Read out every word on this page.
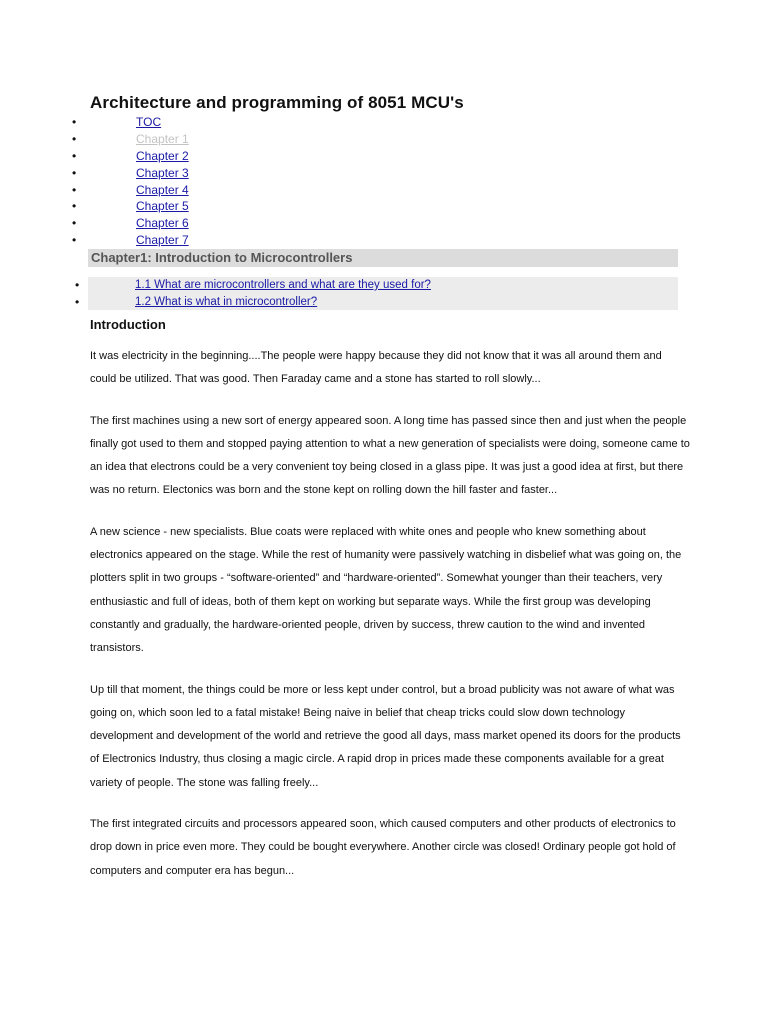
Architecture and programming of 8051 MCU's
•	TOC
•	Chapter 1
•	Chapter 2
•	Chapter 3
•	Chapter 4
•	Chapter 5
•	Chapter 6
•	Chapter 7
Chapter1: Introduction to Microcontrollers
•	1.1 What are microcontrollers and what are they used for?
•	1.2 What is what in microcontroller?
Introduction

It was electricity in the beginning....The people were happy because they did not know that it was all around them and could be utilized. That was good. Then Faraday came and a stone has started to roll slowly...

The first machines using a new sort of energy appeared soon. A long time has passed since then and just when the people finally got used to them and stopped paying attention to what a new generation of specialists were doing, someone came to an idea that electrons could be a very convenient toy being closed in a glass pipe. It was just a good idea at first, but there was no return. Electonics was born and the stone kept on rolling down the hill faster and faster...

A new science - new specialists. Blue coats were replaced with white ones and people who knew something about electronics appeared on the stage. While the rest of humanity were passively watching in disbelief what was going on, the plotters split in two groups - “software-oriented” and “hardware-oriented”. Somewhat younger than their teachers, very enthusiastic and full of ideas, both of them kept on working but separate ways. While the first group was developing constantly and gradually, the hardware-oriented people, driven by success, threw caution to the wind and invented transistors.

Up till that moment, the things could be more or less kept under control, but a broad publicity was not aware of what was going on, which soon led to a fatal mistake! Being naive in belief that cheap tricks could slow down technology development and development of the world and retrieve the good all days, mass market opened its doors for the products of Electronics Industry, thus closing a magic circle. A rapid drop in prices made these components available for a great variety of people. The stone was falling freely...

The first integrated circuits and processors appeared soon, which caused computers and other products of electronics to drop down in price even more. They could be bought everywhere. Another circle was closed! Ordinary people got hold of computers and computer era has begun...
